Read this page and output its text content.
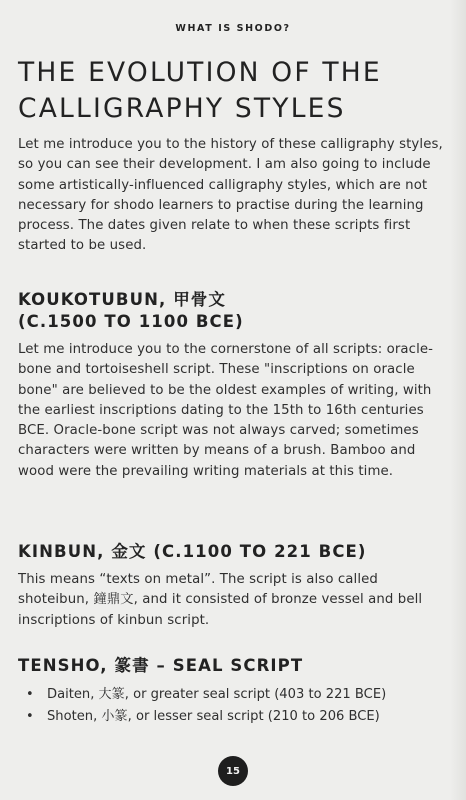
WHAT IS SHODO?
THE EVOLUTION OF THE
CALLIGRAPHY STYLES

Let me introduce you to the history of these calligraphy styles, so you can see their development. I am also going to include some artistically-influenced calligraphy styles, which are not necessary for shodo learners to practise during the learning process. The dates given relate to when these scripts first started to be used.

KOUKOTUBUN, 甲骨文
(C.1500 TO 1100 BCE)

Let me introduce you to the cornerstone of all scripts: oracle-bone and tortoiseshell script. These "inscriptions on oracle bone" are believed to be the oldest examples of writing, with the earliest inscriptions dating to the 15th to 16th centuries BCE. Oracle-bone script was not always carved; sometimes characters were written by means of a brush. Bamboo and wood were the prevailing writing materials at this time.

KINBUN, 金文 (C.1100 TO 221 BCE)

This means “texts on metal”. The script is also called shoteibun, 鐘鼎文, and it consisted of bronze vessel and bell inscriptions of kinbun script.

TENSHO, 篆書 – SEAL SCRIPT
• Daiten, 大篆, or greater seal script (403 to 221 BCE)
• Shoten, 小篆, or lesser seal script (210 to 206 BCE)
15
